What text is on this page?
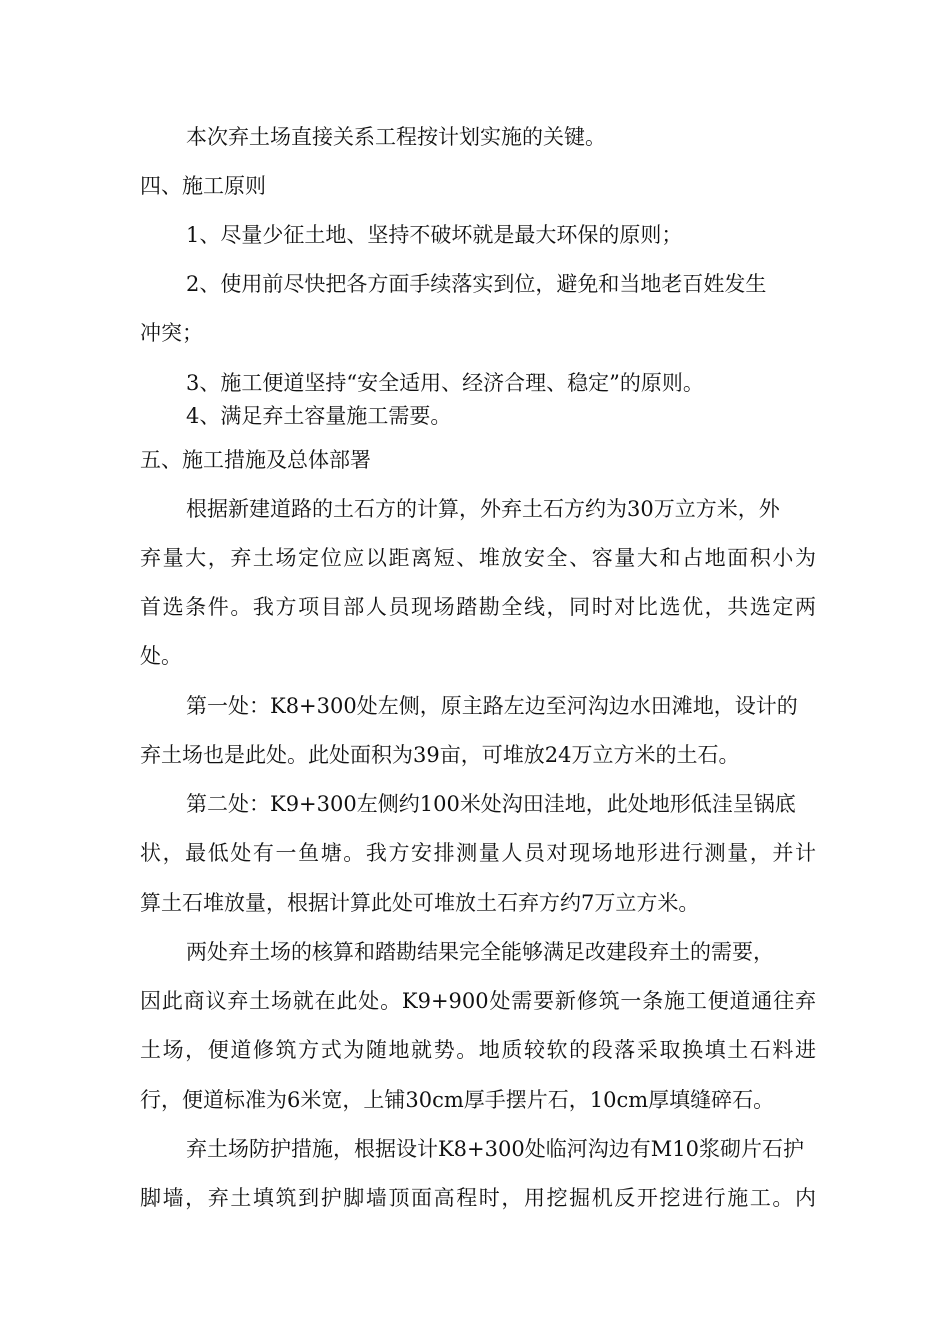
本次弃土场直接关系工程按计划实施的关键。
四、施工原则
1、尽量少征土地、坚持不破坏就是最大环保的原则；
2、使用前尽快把各方面手续落实到位，避免和当地老百姓发生
冲突；
3、施工便道坚持“安全适用、经济合理、稳定”的原则。
4、满足弃土容量施工需要。
五、施工措施及总体部署
根据新建道路的土石方的计算，外弃土石方约为30万立方米，外
弃量大，弃土场定位应以距离短、堆放安全、容量大和占地面积小为
首选条件。我方项目部人员现场踏勘全线，同时对比选优，共选定两
处。
第一处：K8+300处左侧，原主路左边至河沟边水田滩地，设计的
弃土场也是此处。此处面积为39亩，可堆放24万立方米的土石。
第二处：K9+300左侧约100米处沟田洼地，此处地形低洼呈锅底
状，最低处有一鱼塘。我方安排测量人员对现场地形进行测量，并计
算土石堆放量，根据计算此处可堆放土石弃方约7万立方米。
两处弃土场的核算和踏勘结果完全能够满足改建段弃土的需要，
因此商议弃土场就在此处。K9+900处需要新修筑一条施工便道通往弃
土场，便道修筑方式为随地就势。地质较软的段落采取换填土石料进
行，便道标准为6米宽，上铺30cm厚手摆片石，10cm厚填缝碎石。
弃土场防护措施，根据设计K8+300处临河沟边有M10浆砌片石护
脚墙，弃土填筑到护脚墙顶面高程时，用挖掘机反开挖进行施工。内
